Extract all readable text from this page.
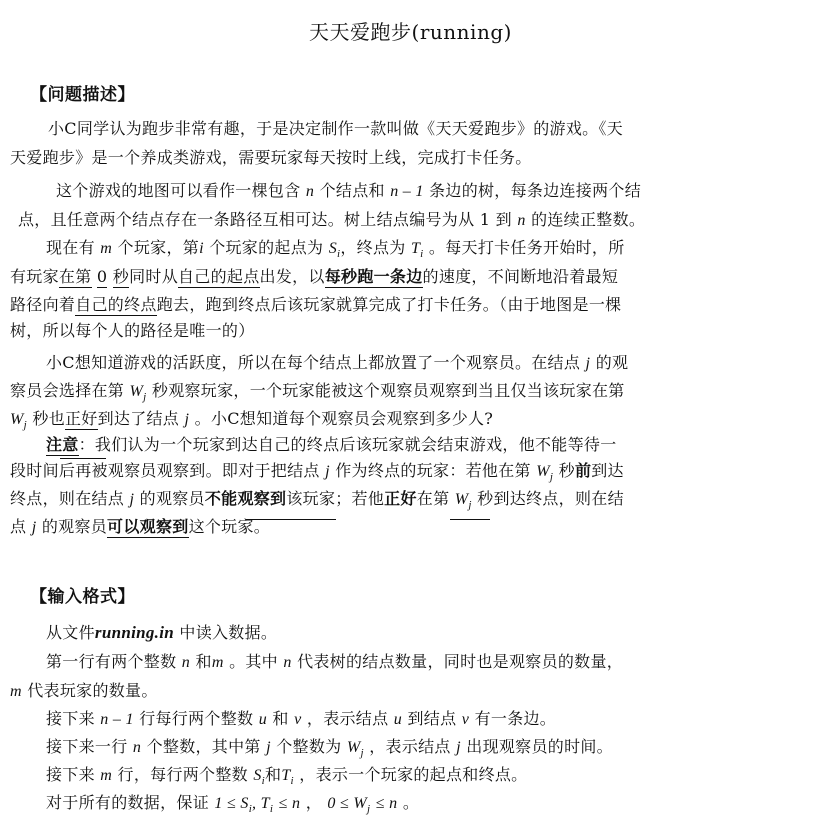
天天爱跑步(running)
【问题描述】
小C同学认为跑步非常有趣，于是决定制作一款叫做《天天爱跑步》的游戏。《天
天爱跑步》是一个养成类游戏，需要玩家每天按时上线，完成打卡任务。
这个游戏的地图可以看作一棵包含 n 个结点和 n – 1 条边的树，每条边连接两个结
点，且任意两个结点存在一条路径互相可达。树上结点编号为从 1 到 n 的连续正整数。
现在有 m 个玩家，第i 个玩家的起点为 $S_i$，终点为 $T_i$ 。每天打卡任务开始时，所
有玩家在第 0 秒同时从自己的起点出发，以每秒跑一条边的速度，不间断地沿着最短
路径向着自己的终点跑去，跑到终点后该玩家就算完成了打卡任务。（由于地图是一棵
树，所以每个人的路径是唯一的）
小C想知道游戏的活跃度，所以在每个结点上都放置了一个观察员。在结点 j 的观
察员会选择在第 $W_j$ 秒观察玩家，一个玩家能被这个观察员观察到当且仅当该玩家在第
$W_j$ 秒也正好到达了结点 j 。小C想知道每个观察员会观察到多少人?
注意：我们认为一个玩家到达自己的终点后该玩家就会结束游戏，他不能等待一
段时间后再被观察员观察到。即对于把结点 j 作为终点的玩家：若他在第 $W_j$ 秒前到达
终点，则在结点 j 的观察员不能观察到该玩家；若他正好在第 $W_j$ 秒到达终点，则在结
点 j 的观察员可以观察到这个玩家。
【输入格式】
从文件running.in 中读入数据。
第一行有两个整数 n 和m 。其中 n 代表树的结点数量，同时也是观察员的数量，
m 代表玩家的数量。
接下来 n – 1 行每行两个整数 u 和 v ，表示结点 u 到结点 v 有一条边。
接下来一行 n 个整数，其中第 j 个整数为 $W_j$ ，表示结点 j 出现观察员的时间。
接下来 m 行，每行两个整数 $S_i$和$T_i$ ，表示一个玩家的起点和终点。
对于所有的数据，保证 $1 \le S_i$, $T_i \le n$ ， $0 \le W_j \le n$ 。
